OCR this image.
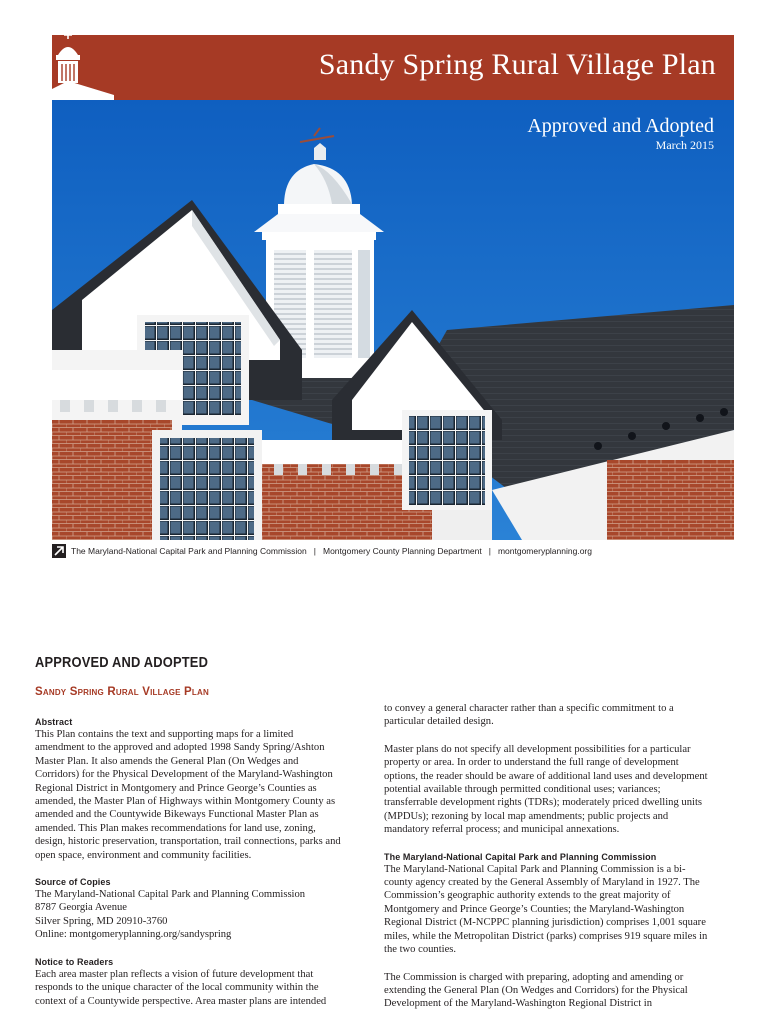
Sandy Spring Rural Village Plan
Approved and Adopted
March 2015
The Maryland-National Capital Park and Planning Commission | Montgomery County Planning Department | montgomeryplanning.org
APPROVED AND ADOPTED
Sandy Spring Rural Village Plan
Abstract

This Plan contains the text and supporting maps for a limited amendment to the approved and adopted 1998 Sandy Spring/Ashton Master Plan. It also amends the General Plan (On Wedges and Corridors) for the Physical Development of the Maryland-Washington Regional District in Montgomery and Prince George’s Counties as amended, the Master Plan of Highways within Montgomery County as amended and the Countywide Bikeways Functional Master Plan as amended. This Plan makes recommendations for land use, zoning, design, historic preservation, transportation, trail connections, parks and open space, environment and community facilities.

Source of Copies
The Maryland-National Capital Park and Planning Commission
8787 Georgia Avenue
Silver Spring, MD 20910-3760
Online: montgomeryplanning.org/sandyspring
Notice to Readers

Each area master plan reflects a vision of future development that responds to the unique character of the local community within the context of a Countywide perspective. Area master plans are intended

to convey a general character rather than a specific commitment to a particular detailed design.

Master plans do not specify all development possibilities for a particular property or area. In order to understand the full range of development options, the reader should be aware of additional land uses and development potential available through permitted conditional uses; variances; transferrable development rights (TDRs); moderately priced dwelling units (MPDUs); rezoning by local map amendments; public projects and mandatory referral process; and municipal annexations.

The Maryland-National Capital Park and Planning Commission

The Maryland-National Capital Park and Planning Commission is a bi-county agency created by the General Assembly of Maryland in 1927. The Commission’s geographic authority extends to the great majority of Montgomery and Prince George’s Counties; the Maryland-Washington Regional District (M-NCPPC planning jurisdiction) comprises 1,001 square miles, while the Metropolitan District (parks) comprises 919 square miles in the two counties.

The Commission is charged with preparing, adopting and amending or extending the General Plan (On Wedges and Corridors) for the Physical Development of the Maryland-Washington Regional District in
